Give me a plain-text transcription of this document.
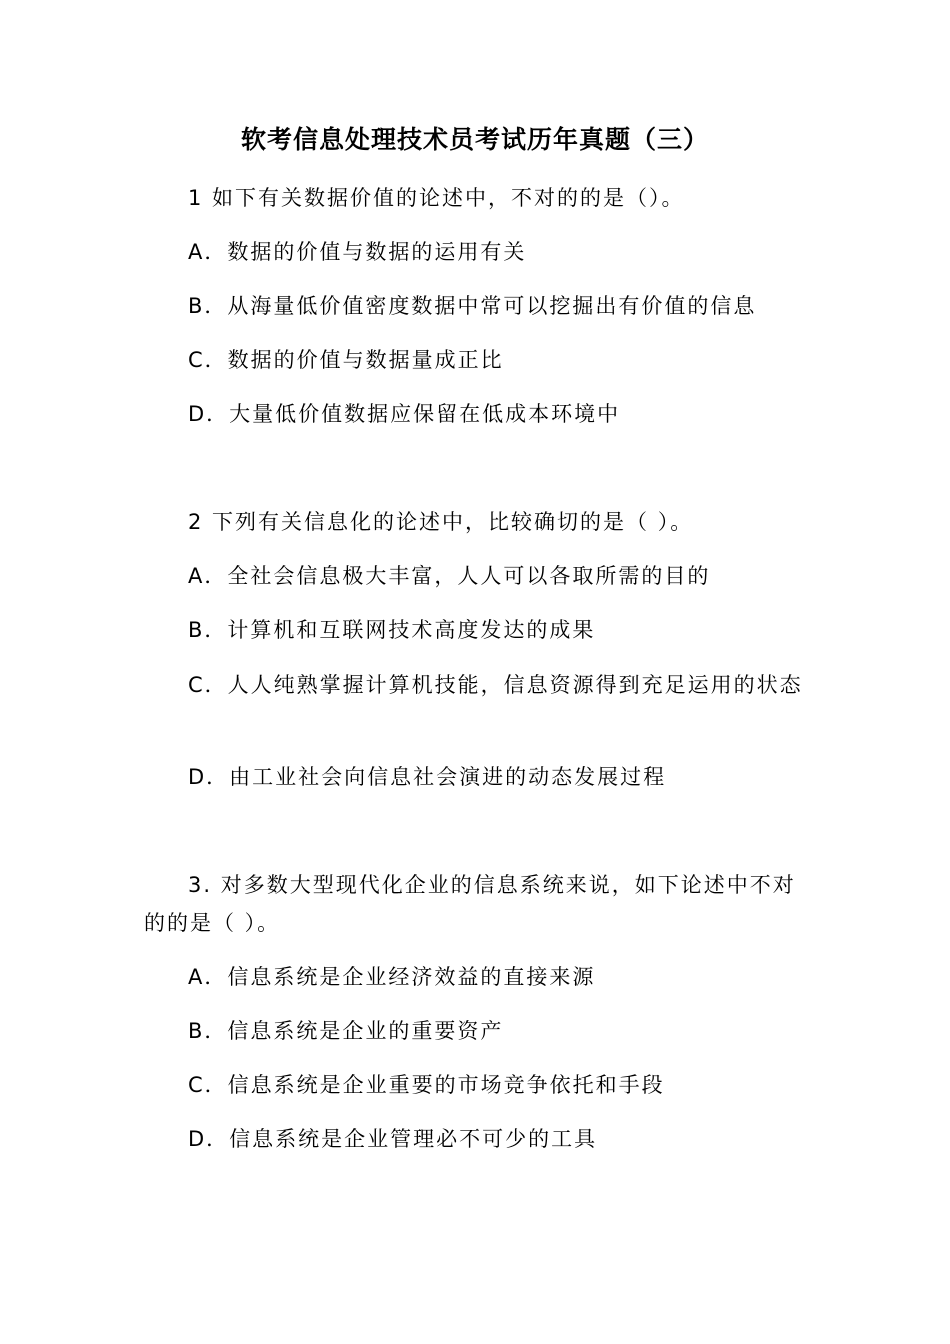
软考信息处理技术员考试历年真题（三）
1 如下有关数据价值的论述中，不对的的是（）。
A．数据的价值与数据的运用有关
B．从海量低价值密度数据中常可以挖掘出有价值的信息
C．数据的价值与数据量成正比
D．大量低价值数据应保留在低成本环境中
2 下列有关信息化的论述中，比较确切的是（ ）。
A．全社会信息极大丰富，人人可以各取所需的目的
B．计算机和互联网技术高度发达的成果
C．人人纯熟掌握计算机技能，信息资源得到充足运用的状态
D．由工业社会向信息社会演进的动态发展过程
3. 对多数大型现代化企业的信息系统来说，如下论述中不对的的是（ ）。
A．信息系统是企业经济效益的直接来源
B．信息系统是企业的重要资产
C．信息系统是企业重要的市场竞争依托和手段
D．信息系统是企业管理必不可少的工具
